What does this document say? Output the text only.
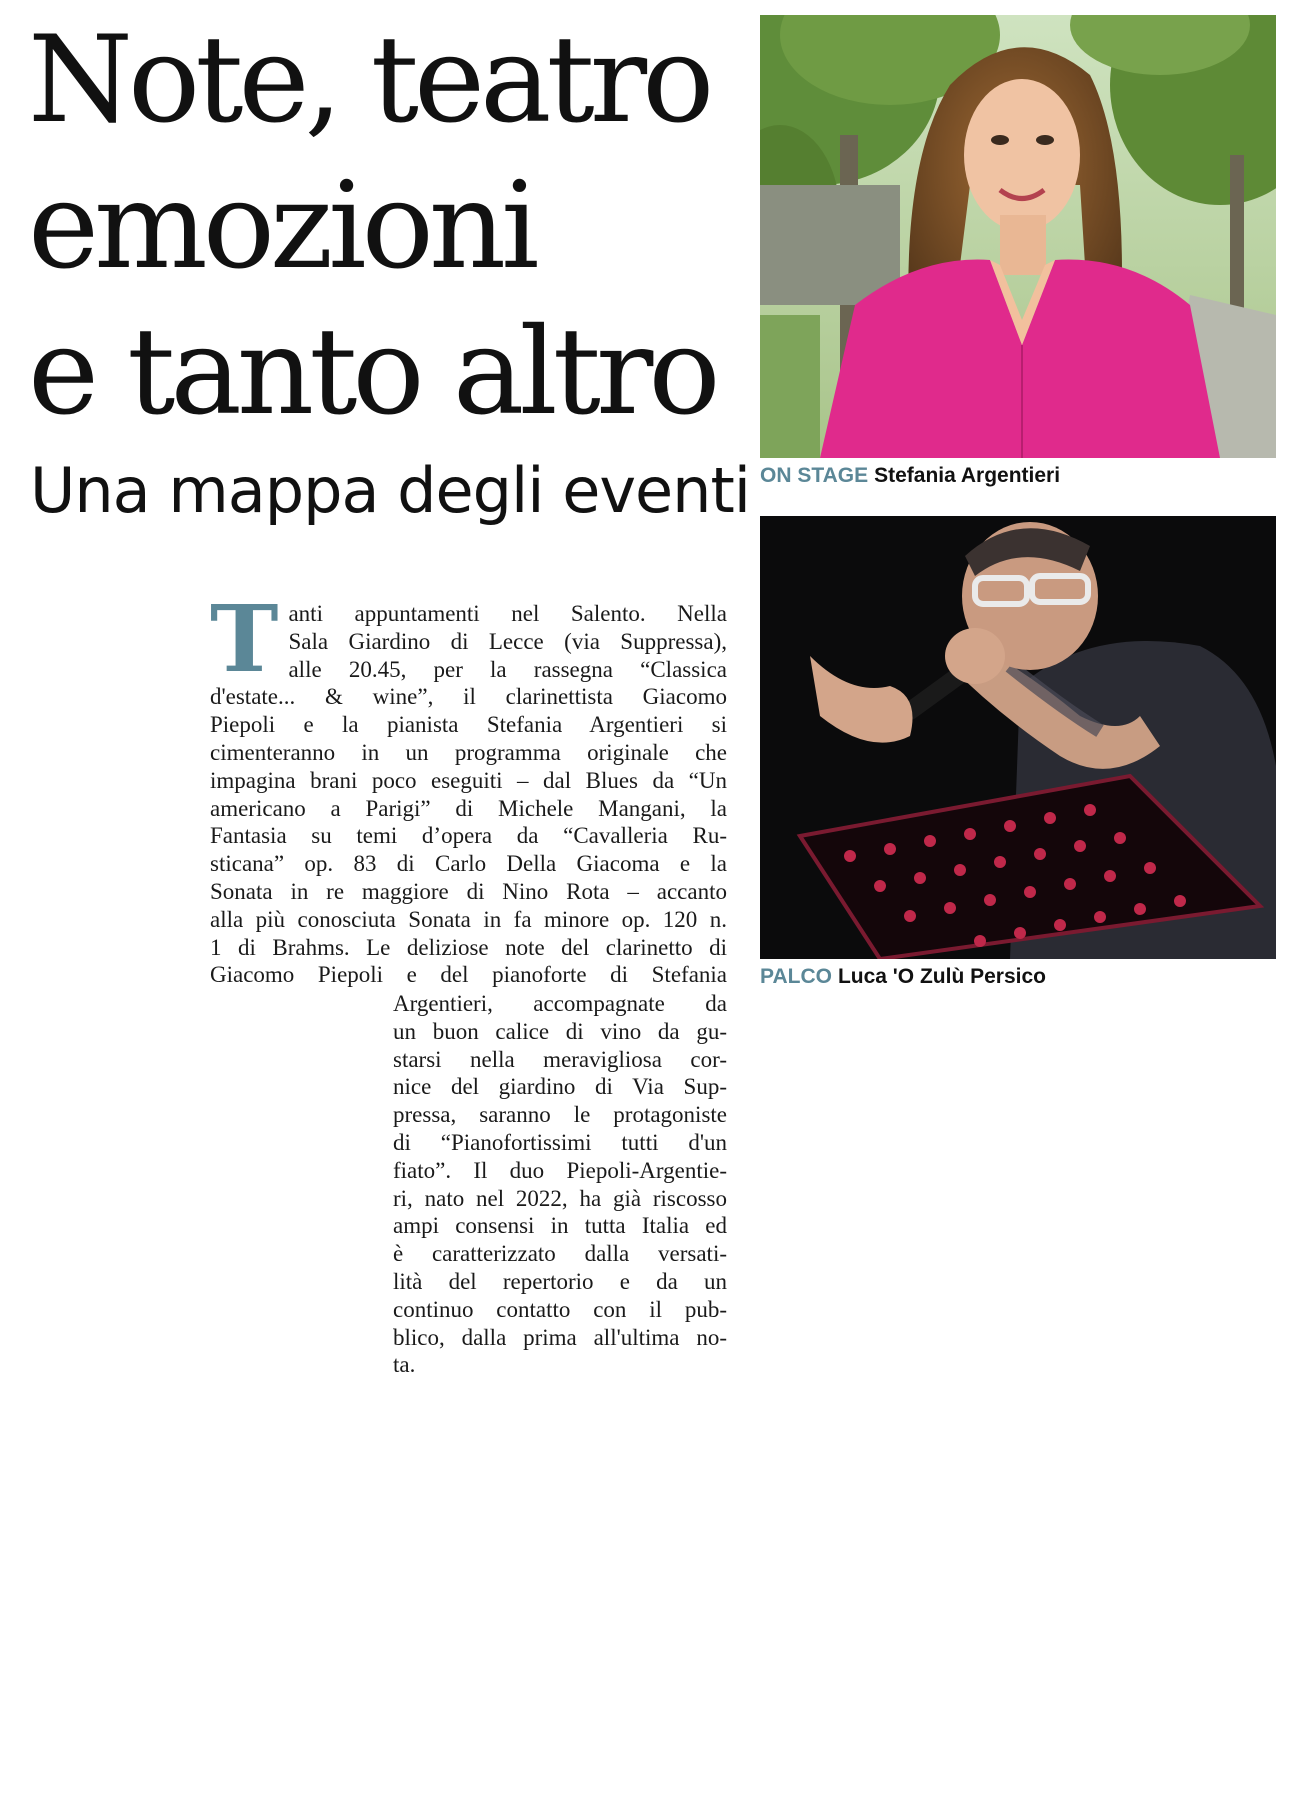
Note, teatro
emozioni
e tanto altro
Una mappa degli eventi
T anti appuntamenti nel Salento. Nella
Sala Giardino di Lecce (via Suppressa),
alle 20.45, per la rassegna “Classica
d'estate... & wine”, il clarinettista Giacomo
Piepoli e la pianista Stefania Argentieri si
cimenteranno in un programma originale che
impagina brani poco eseguiti – dal Blues da “Un
americano a Parigi” di Michele Mangani, la
Fantasia su temi d’opera da “Cavalleria Ru-
sticana” op. 83 di Carlo Della Giacoma e la
Sonata in re maggiore di Nino Rota – accanto
alla più conosciuta Sonata in fa minore op. 120 n.
1 di Brahms. Le deliziose note del clarinetto di
Giacomo Piepoli e del pianoforte di Stefania
Argentieri, accompagnate da
un buon calice di vino da gu-
starsi nella meravigliosa cor-
nice del giardino di Via Sup-
pressa, saranno le protagoniste
di “Pianofortissimi tutti d'un
fiato”. Il duo Piepoli-Argentie-
ri, nato nel 2022, ha già riscosso
ampi consensi in tutta Italia ed
è caratterizzato dalla versati-
lità del repertorio e da un
continuo contatto con il pub-
blico, dalla prima all'ultima no-
ta.

ON STAGE Stefania Argentieri

PALCO Luca 'O Zulù Persico
